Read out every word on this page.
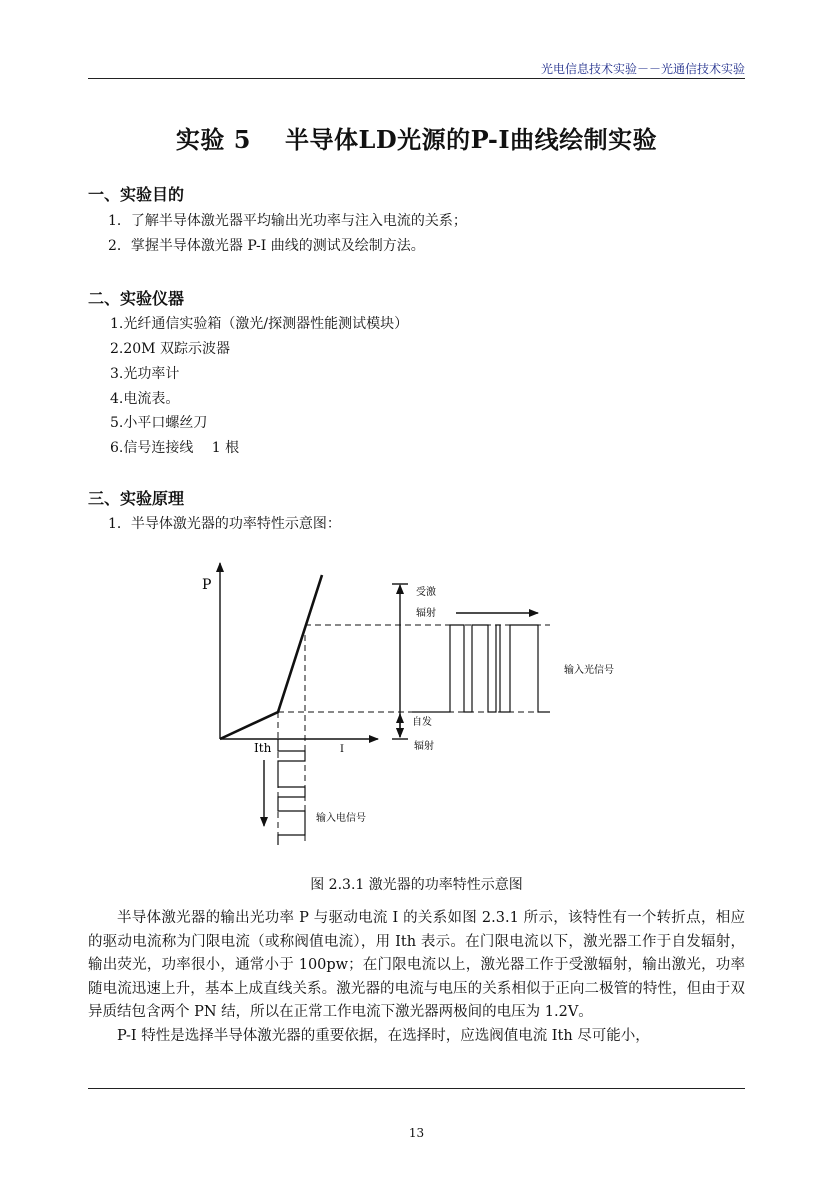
光电信息技术实验－－光通信技术实验
实验 5 半导体LD光源的P-I曲线绘制实验
一、实验目的
1．了解半导体激光器平均输出光功率与注入电流的关系；
2．掌握半导体激光器 P-I 曲线的测试及绘制方法。
二、实验仪器
1.光纤通信实验箱（激光/探测器性能测试模块）
2.20M 双踪示波器
3.光功率计
4.电流表。
5.小平口螺丝刀
6.信号连接线　 1 根
三、实验原理
1．半导体激光器的功率特性示意图：
P
Ith	I
受激
辐射
自发
辐射
输入光信号
输入电信号
图 2.3.1 激光器的功率特性示意图

半导体激光器的输出光功率 P 与驱动电流 I 的关系如图 2.3.1 所示，该特性有一个转折点，相应的驱动电流称为门限电流（或称阀值电流），用 Ith 表示。在门限电流以下，激光器工作于自发辐射，输出荧光，功率很小，通常小于 100pw；在门限电流以上，激光器工作于受激辐射，输出激光，功率随电流迅速上升，基本上成直线关系。激光器的电流与电压的关系相似于正向二极管的特性，但由于双异质结包含两个 PN 结，所以在正常工作电流下激光器两极间的电压为 1.2V。

P-I 特性是选择半导体激光器的重要依据，在选择时，应选阀值电流 Ith 尽可能小，

13
